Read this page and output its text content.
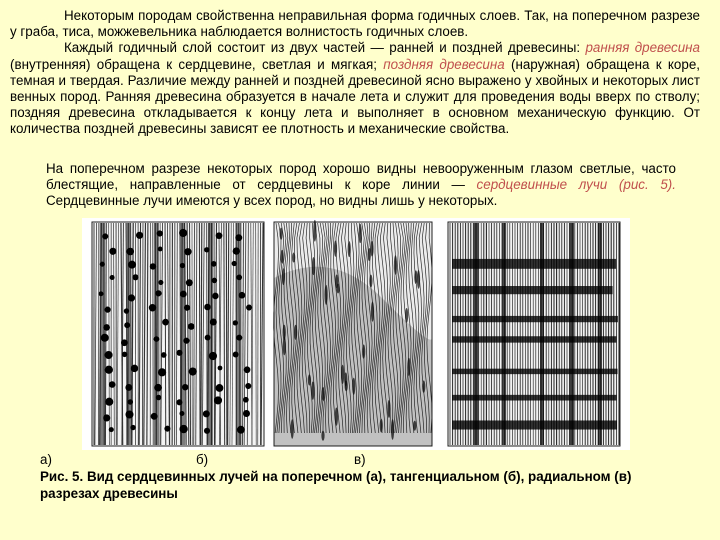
Некоторым породам свойственна неправильная форма годичных слоев. Так, на поперечном разрезе у граба, тиса, можжевельника наблюдается волнистость годичных слоев.

Каждый годичный слой состоит из двух частей — ранней и поздней древесины: ранняя древесина (внутренняя) обращена к сердцевине, светлая и мягкая; поздняя древесина (наружная) обращена к коре, темная и твердая. Различие между ранней и поздней древесиной ясно выражено у хвойных и некоторых лист венных пород. Ранняя древесина образуется в начале лета и служит для проведения воды вверх по стволу; поздняя древесина откладывается к концу лета и выполняет в основном механическую функцию. От количества поздней древесины зависят ее плотность и механические свойства.

На поперечном разрезе некоторых пород хорошо видны невооруженным глазом светлые, часто блестящие, направленные от сердцевины к коре линии — сердцевинные лучи (рис. 5). Сердцевинные лучи имеются у всех пород, но видны лишь у некоторых.

а)	б)	в)
Рис. 5. Вид сердцевинных лучей на поперечном (а), тангенциальном (б), радиальном (в) разрезах древесины
